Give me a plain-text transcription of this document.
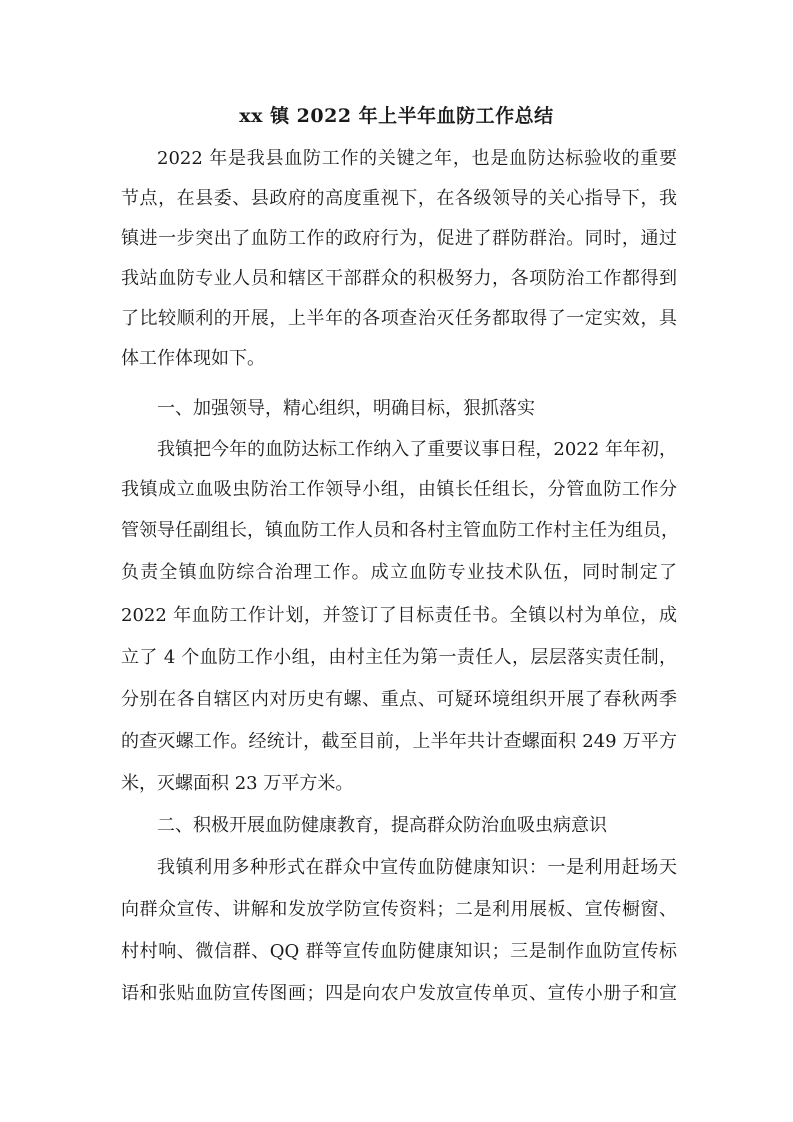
xx 镇 2022 年上半年血防工作总结
2022 年是我县血防工作的关键之年，也是血防达标验收的重要
节点，在县委、县政府的高度重视下，在各级领导的关心指导下，我
镇进一步突出了血防工作的政府行为，促进了群防群治。同时，通过
我站血防专业人员和辖区干部群众的积极努力，各项防治工作都得到
了比较顺利的开展，上半年的各项查治灭任务都取得了一定实效，具
体工作体现如下。
一、加强领导，精心组织，明确目标，狠抓落实
我镇把今年的血防达标工作纳入了重要议事日程，2022 年年初，
我镇成立血吸虫防治工作领导小组，由镇长任组长，分管血防工作分
管领导任副组长，镇血防工作人员和各村主管血防工作村主任为组员，
负责全镇血防综合治理工作。成立血防专业技术队伍，同时制定了
2022 年血防工作计划，并签订了目标责任书。全镇以村为单位，成
立了 4 个血防工作小组，由村主任为第一责任人，层层落实责任制，
分别在各自辖区内对历史有螺、重点、可疑环境组织开展了春秋两季
的查灭螺工作。经统计，截至目前，上半年共计查螺面积 249 万平方
米，灭螺面积 23 万平方米。
二、积极开展血防健康教育，提高群众防治血吸虫病意识
我镇利用多种形式在群众中宣传血防健康知识：一是利用赶场天
向群众宣传、讲解和发放学防宣传资料；二是利用展板、宣传橱窗、
村村响、微信群、QQ 群等宣传血防健康知识；三是制作血防宣传标
语和张贴血防宣传图画；四是向农户发放宣传单页、宣传小册子和宣
